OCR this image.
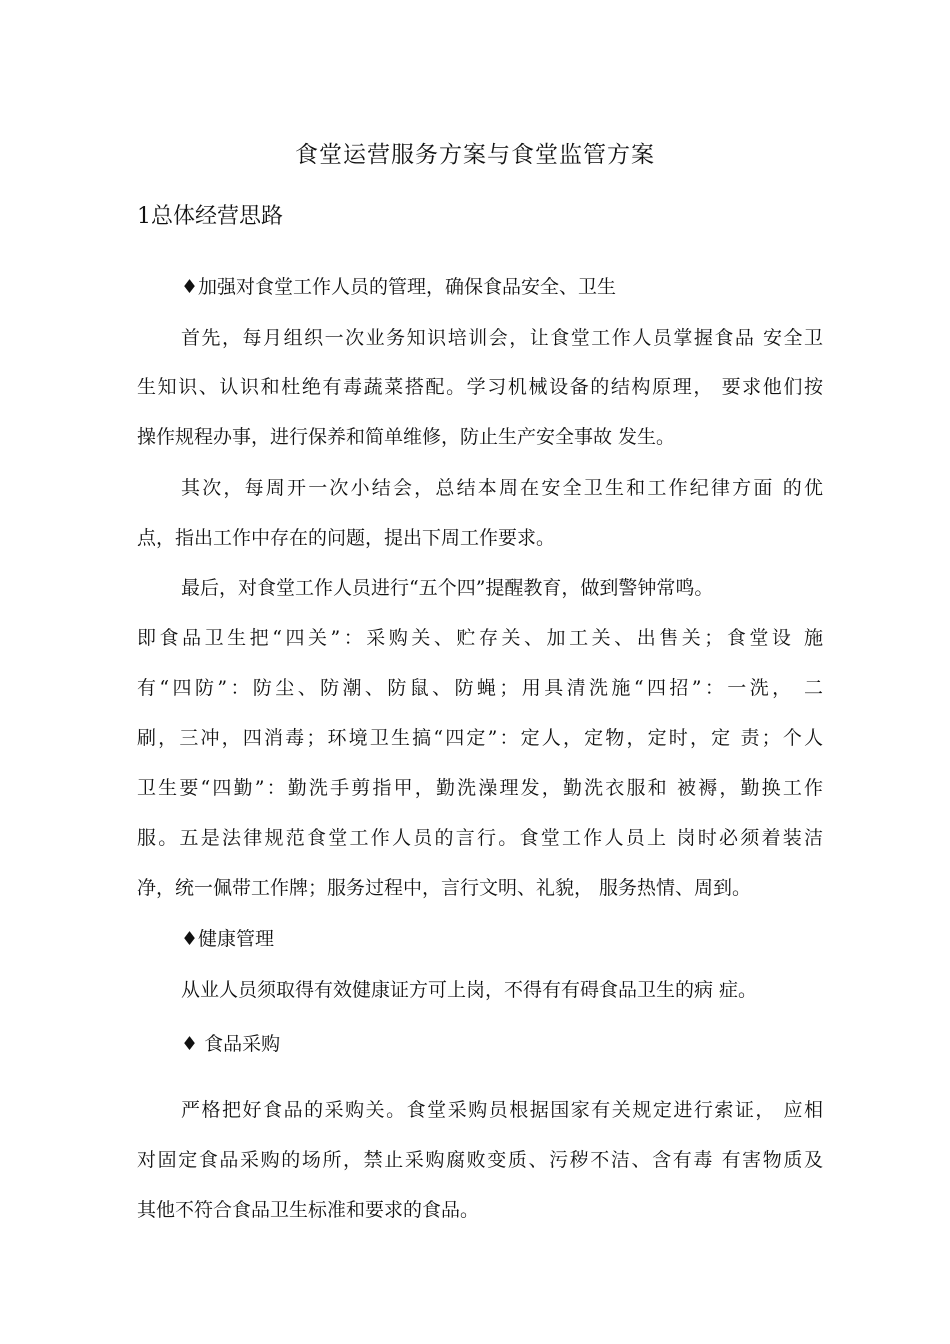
食堂运营服务方案与食堂监管方案
1总体经营思路
♦加强对食堂工作人员的管理，确保食品安全、卫生
首先，每月组织一次业务知识培训会，让食堂工作人员掌握食品 安全卫
生知识、认识和杜绝有毒蔬菜搭配。学习机械设备的结构原理， 要求他们按
操作规程办事，进行保养和简单维修，防止生产安全事故 发生。
其次，每周开一次小结会，总结本周在安全卫生和工作纪律方面 的优
点，指出工作中存在的问题，提出下周工作要求。
最后，对食堂工作人员进行“五个四”提醒教育，做到警钟常鸣。
即食品卫生把“四关”：采购关、贮存关、加工关、出售关；食堂设 施
有“四防”：防尘、防潮、防鼠、防蝇；用具清洗施“四招”：一洗， 二
刷，三冲，四消毒；环境卫生搞“四定”：定人，定物，定时，定 责；个人
卫生要“四勤”：勤洗手剪指甲，勤洗澡理发，勤洗衣服和 被褥，勤换工作
服。五是法律规范食堂工作人员的言行。食堂工作人员上 岗时必须着装洁
净，统一佩带工作牌；服务过程中，言行文明、礼貌， 服务热情、周到。
♦健康管理
从业人员须取得有效健康证方可上岗，不得有有碍食品卫生的病 症。
♦ 食品采购
严格把好食品的采购关。食堂采购员根据国家有关规定进行索证， 应相
对固定食品采购的场所，禁止采购腐败变质、污秽不洁、含有毒 有害物质及
其他不符合食品卫生标准和要求的食品。
